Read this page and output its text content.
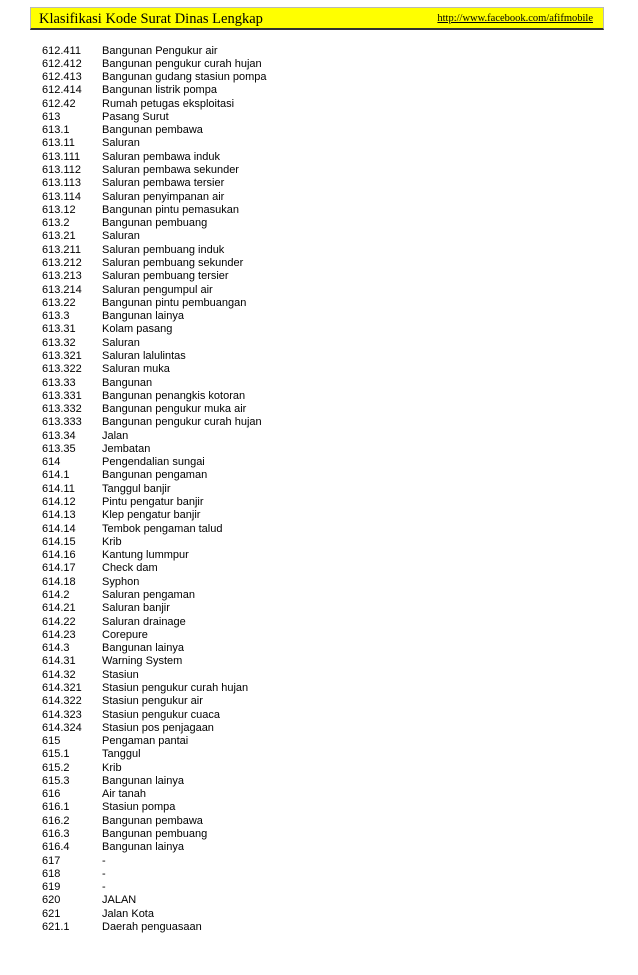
Klasifikasi Kode Surat Dinas Lengkap	http://www.facebook.com/afifmobile
612.411 Bangunan Pengukur air
612.412 Bangunan pengukur curah hujan
612.413 Bangunan gudang stasiun pompa
612.414 Bangunan listrik pompa
612.42 Rumah petugas eksploitasi
613	Pasang Surut
613.1	Bangunan pembawa
613.11 Saluran
613.111 Saluran pembawa induk
613.112 Saluran pembawa sekunder
613.113 Saluran pembawa tersier
613.114 Saluran penyimpanan air
613.12 Bangunan pintu pemasukan
613.2	Bangunan pembuang
613.21 Saluran
613.211 Saluran pembuang induk
613.212 Saluran pembuang sekunder
613.213 Saluran pembuang tersier
613.214 Saluran pengumpul air
613.22 Bangunan pintu pembuangan
613.3	Bangunan lainya
613.31 Kolam pasang
613.32 Saluran
613.321 Saluran lalulintas
613.322 Saluran muka
613.33 Bangunan
613.331 Bangunan penangkis kotoran
613.332 Bangunan pengukur muka air
613.333 Bangunan pengukur curah hujan
613.34 Jalan
613.35 Jembatan
614	Pengendalian sungai
614.1	Bangunan pengaman
614.11 Tanggul banjir
614.12 Pintu pengatur banjir
614.13 Klep pengatur banjir
614.14 Tembok pengaman talud
614.15 Krib
614.16 Kantung lummpur
614.17 Check dam
614.18 Syphon
614.2	Saluran pengaman
614.21 Saluran banjir
614.22 Saluran drainage
614.23 Corepure
614.3	Bangunan lainya
614.31 Warning System
614.32 Stasiun
614.321 Stasiun pengukur curah hujan
614.322 Stasiun pengukur air
614.323 Stasiun pengukur cuaca
614.324 Stasiun pos penjagaan
615	Pengaman pantai
615.1	Tanggul
615.2	Krib
615.3	Bangunan lainya
616	Air tanah
616.1	Stasiun pompa
616.2	Bangunan pembawa
616.3	Bangunan pembuang
616.4	Bangunan lainya
617	-
618	-
619	-
620	JALAN
621	Jalan Kota
621.1	Daerah penguasaan
